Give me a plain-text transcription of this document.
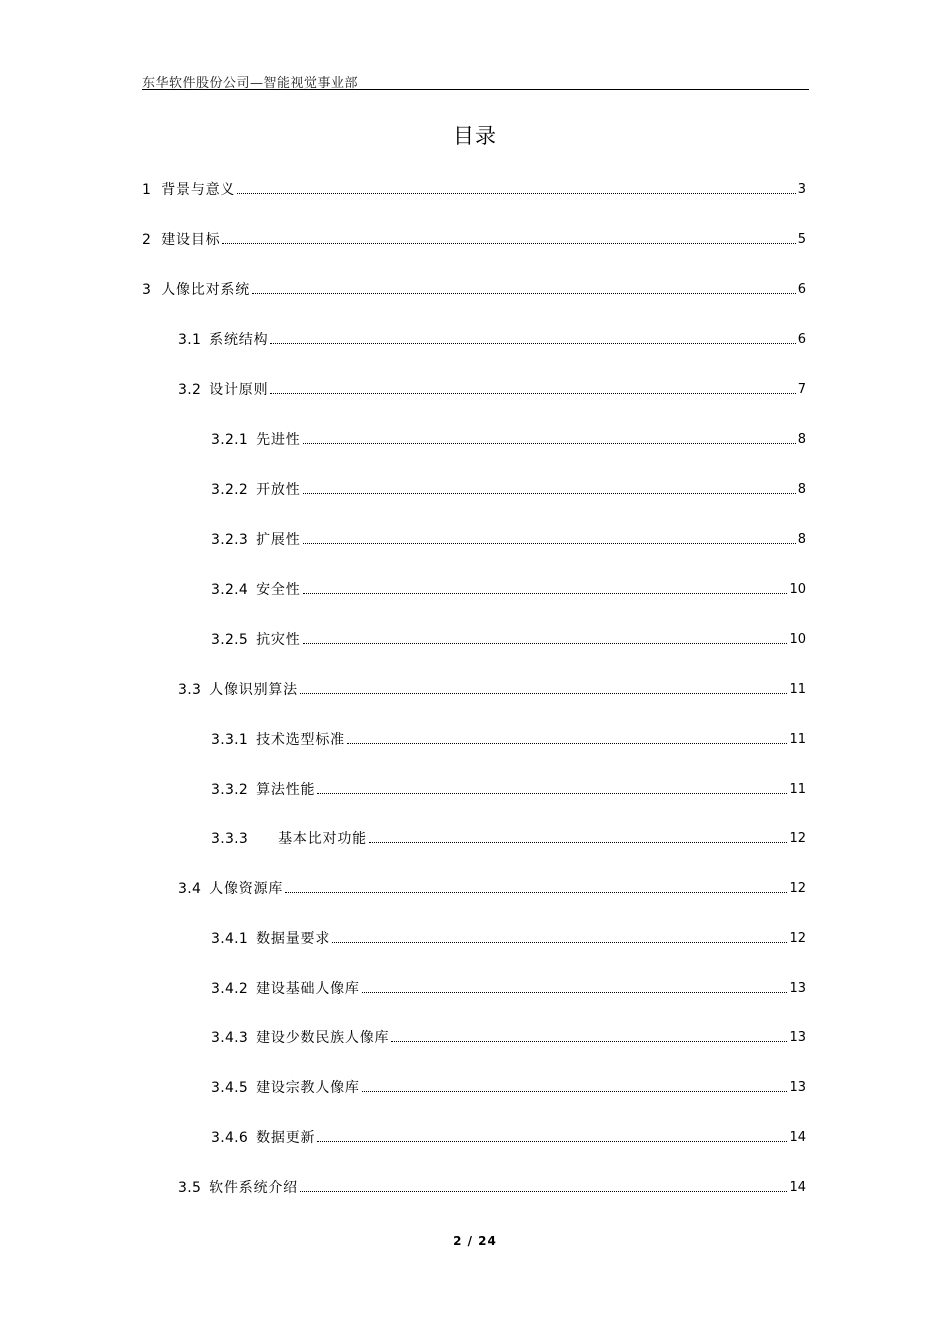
东华软件股份公司—智能视觉事业部
目录
1 背景与意义	3
2 建设目标	5
3 人像比对系统	6
3.1 系统结构	6
3.2 设计原则	7
3.2.1 先进性	8
3.2.2 开放性	8
3.2.3 扩展性	8
3.2.4 安全性	10
3.2.5 抗灾性	10
3.3 人像识别算法	11
3.3.1 技术选型标准	11
3.3.2 算法性能	11
3.3.3 基本比对功能	12
3.4 人像资源库	12
3.4.1 数据量要求	12
3.4.2 建设基础人像库	13
3.4.3 建设少数民族人像库	13
3.4.5 建设宗教人像库	13
3.4.6 数据更新	14
3.5 软件系统介绍	14
2 / 24
